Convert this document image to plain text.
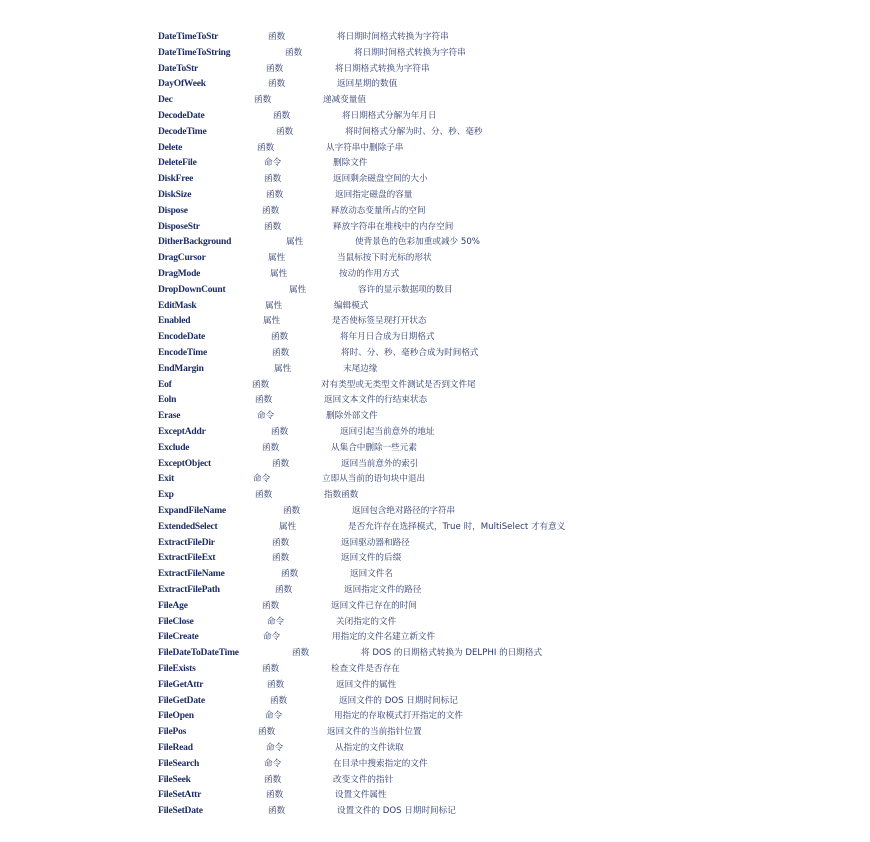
DateTimeToStr	函数	将日期时间格式转换为字符串
DateTimeToString	函数	将日期时间格式转换为字符串
DateToStr	函数	将日期格式转换为字符串
DayOfWeek	函数	返回星期的数值
Dec	函数	递减变量值
DecodeDate	函数	将日期格式分解为年月日
DecodeTime	函数	将时间格式分解为时、分、秒、毫秒
Delete	函数	从字符串中删除子串
DeleteFile	命令	删除文件
DiskFree	函数	返回剩余磁盘空间的大小
DiskSize	函数	返回指定磁盘的容量
Dispose	函数	释放动态变量所占的空间
DisposeStr	函数	释放字符串在堆栈中的内存空间
DitherBackground	属性	使背景色的色彩加重或减少 50%
DragCursor	属性	当鼠标按下时光标的形状
DragMode	属性	按动的作用方式
DropDownCount	属性	容许的显示数据项的数目
EditMask	属性	编辑模式
Enabled	属性	是否使标签呈现打开状态
EncodeDate	函数	将年月日合成为日期格式
EncodeTime	函数	将时、分、秒、毫秒合成为时间格式
EndMargin	属性	末尾边缘
Eof	函数	对有类型或无类型文件测试是否到文件尾
Eoln	函数	返回文本文件的行结束状态
Erase	命令	删除外部文件
ExceptAddr	函数	返回引起当前意外的地址
Exclude	函数	从集合中删除一些元素
ExceptObject	函数	返回当前意外的索引
Exit	命令	立即从当前的语句块中退出
Exp	函数	指数函数
ExpandFileName	函数	返回包含绝对路径的字符串
ExtendedSelect	属性	是否允许存在选择模式，True 时，MultiSelect 才有意义
ExtractFileDir	函数	返回驱动器和路径
ExtractFileExt	函数	返回文件的后缀
ExtractFileName	函数	返回文件名
ExtractFilePath	函数	返回指定文件的路径
FileAge	函数	返回文件已存在的时间
FileClose	命令	关闭指定的文件
FileCreate	命令	用指定的文件名建立新文件
FileDateToDateTime	函数	将 DOS 的日期格式转换为 DELPHI 的日期格式
FileExists	函数	检查文件是否存在
FileGetAttr	函数	返回文件的属性
FileGetDate	函数	返回文件的 DOS 日期时间标记
FileOpen	命令	用指定的存取模式打开指定的文件
FilePos	函数	返回文件的当前指针位置
FileRead	命令	从指定的文件读取
FileSearch	命令	在目录中搜索指定的文件
FileSeek	函数	改变文件的指针
FileSetAttr	函数	设置文件属性
FileSetDate	函数	设置文件的 DOS 日期时间标记
